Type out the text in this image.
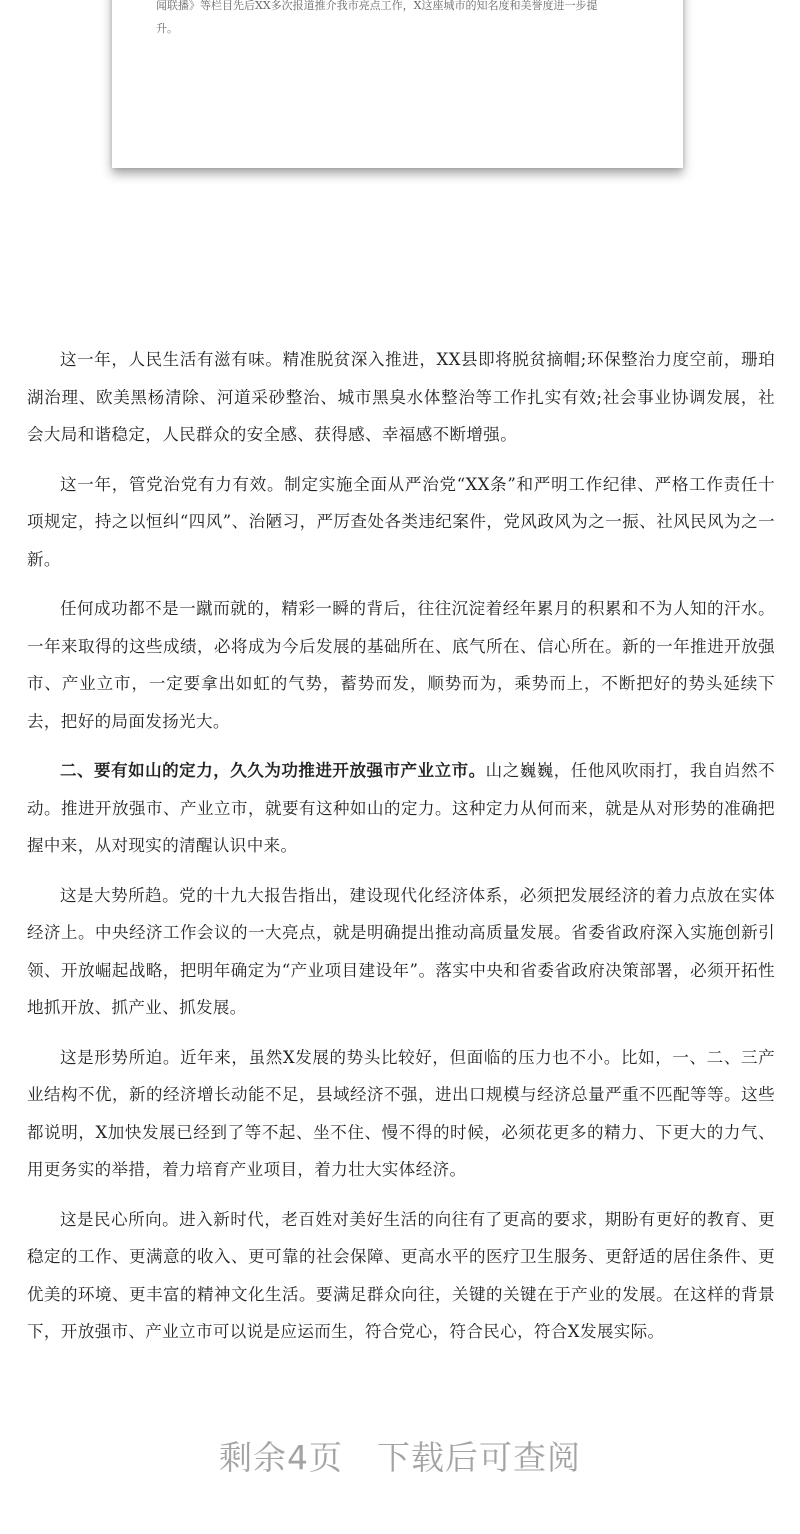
闻联播》等栏目先后XX多次报道推介我市亮点工作，X这座城市的知名度和美誉度进一步提
升。

这一年，人民生活有滋有味。精准脱贫深入推进，XX县即将脱贫摘帽;环保整治力度空前，珊珀湖治理、欧美黑杨清除、河道采砂整治、城市黑臭水体整治等工作扎实有效;社会事业协调发展，社会大局和谐稳定，人民群众的安全感、获得感、幸福感不断增强。

这一年，管党治党有力有效。制定实施全面从严治党“XX条”和严明工作纪律、严格工作责任十项规定，持之以恒纠“四风”、治陋习，严厉查处各类违纪案件，党风政风为之一振、社风民风为之一新。

任何成功都不是一蹴而就的，精彩一瞬的背后，往往沉淀着经年累月的积累和不为人知的汗水。一年来取得的这些成绩，必将成为今后发展的基础所在、底气所在、信心所在。新的一年推进开放强市、产业立市，一定要拿出如虹的气势，蓄势而发，顺势而为，乘势而上，不断把好的势头延续下去，把好的局面发扬光大。

二、要有如山的定力，久久为功推进开放强市产业立市。山之巍巍，任他风吹雨打，我自岿然不动。推进开放强市、产业立市，就要有这种如山的定力。这种定力从何而来，就是从对形势的准确把握中来，从对现实的清醒认识中来。

这是大势所趋。党的十九大报告指出，建设现代化经济体系，必须把发展经济的着力点放在实体经济上。中央经济工作会议的一大亮点，就是明确提出推动高质量发展。省委省政府深入实施创新引领、开放崛起战略，把明年确定为“产业项目建设年”。落实中央和省委省政府决策部署，必须开拓性地抓开放、抓产业、抓发展。

这是形势所迫。近年来，虽然X发展的势头比较好，但面临的压力也不小。比如，一、二、三产业结构不优，新的经济增长动能不足，县域经济不强，进出口规模与经济总量严重不匹配等等。这些都说明，X加快发展已经到了等不起、坐不住、慢不得的时候，必须花更多的精力、下更大的力气、用更务实的举措，着力培育产业项目，着力壮大实体经济。

这是民心所向。进入新时代，老百姓对美好生活的向往有了更高的要求，期盼有更好的教育、更稳定的工作、更满意的收入、更可靠的社会保障、更高水平的医疗卫生服务、更舒适的居住条件、更优美的环境、更丰富的精神文化生活。要满足群众向往，关键的关键在于产业的发展。在这样的背景下，开放强市、产业立市可以说是应运而生，符合党心，符合民心，符合X发展实际。

剩余4页 下载后可查阅
